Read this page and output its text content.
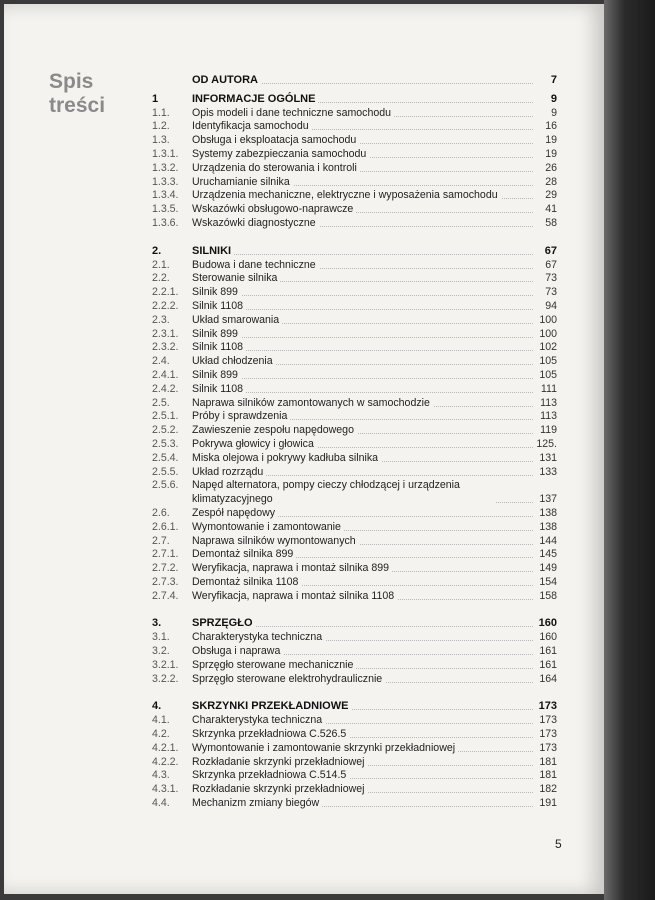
Spis
treści
OD AUTORA	7
1	INFORMACJE OGÓLNE	9
1.1. Opis modeli i dane techniczne samochodu	9
1.2. Identyfikacja samochodu	16
1.3. Obsługa i eksploatacja samochodu	19
1.3.1. Systemy zabezpieczania samochodu	19
1.3.2. Urządzenia do sterowania i kontroli	26
1.3.3. Uruchamianie silnika	28
1.3.4. Urządzenia mechaniczne, elektryczne i wyposażenia samochodu	29
1.3.5. Wskazówki obsługowo-naprawcze	41
1.3.6. Wskazówki diagnostyczne	58
2.	SILNIKI	67
2.1. Budowa i dane techniczne	67
2.2. Sterowanie silnika	73
2.2.1. Silnik 899	73
2.2.2. Silnik 1108	94
2.3. Układ smarowania	100
2.3.1. Silnik 899	100
2.3.2. Silnik 1108	102
2.4. Układ chłodzenia	105
2.4.1. Silnik 899	105
2.4.2. Silnik 1108	111
2.5. Naprawa silników zamontowanych w samochodzie	113
2.5.1. Próby i sprawdzenia	113
2.5.2. Zawieszenie zespołu napędowego	119
2.5.3. Pokrywa głowicy i głowica	125.
2.5.4. Miska olejowa i pokrywy kadłuba silnika	131
2.5.5. Układ rozrządu	133
2.5.6. Napęd alternatora, pompy cieczy chłodzącej i urządzenia klimatyzacyjnego	137
2.6. Zespół napędowy	138
2.6.1. Wymontowanie i zamontowanie	138
2.7. Naprawa silników wymontowanych	144
2.7.1. Demontaż silnika 899	145
2.7.2. Weryfikacja, naprawa i montaż silnika 899	149
2.7.3. Demontaż silnika 1108	154
2.7.4. Weryfikacja, naprawa i montaż silnika 1108	158
3.	SPRZĘGŁO	160
3.1. Charakterystyka techniczna	160
3.2. Obsługa i naprawa	161
3.2.1. Sprzęgło sterowane mechanicznie	161
3.2.2. Sprzęgło sterowane elektrohydraulicznie	164
4.	SKRZYNKI PRZEKŁADNIOWE	173
4.1. Charakterystyka techniczna	173
4.2. Skrzynka przekładniowa C.526.5	173
4.2.1. Wymontowanie i zamontowanie skrzynki przekładniowej	173
4.2.2. Rozkładanie skrzynki przekładniowej	181
4.3. Skrzynka przekładniowa C.514.5	181
4.3.1. Rozkładanie skrzynki przekładniowej	182
4.4. Mechanizm zmiany biegów	191
5
